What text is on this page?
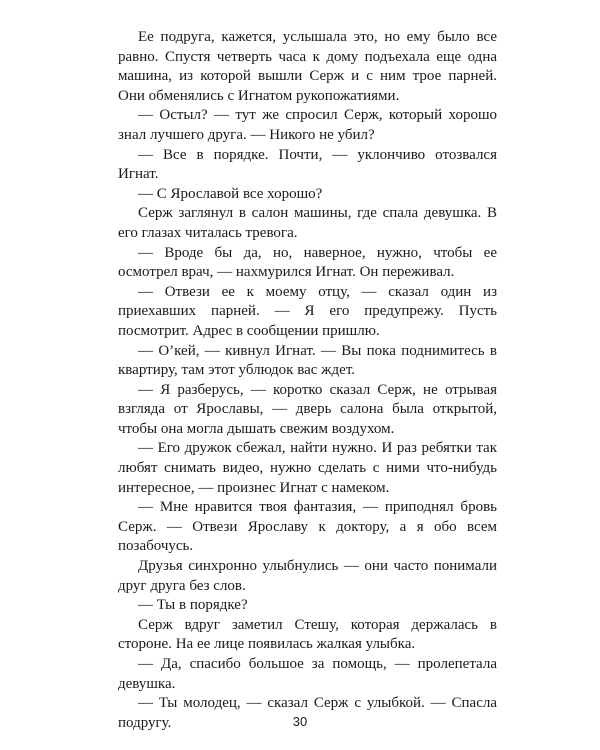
Ее подруга, кажется, услышала это, но ему было все равно. Спустя четверть часа к дому подъехала еще одна машина, из которой вышли Серж и с ним трое парней. Они обменялись с Игнатом рукопожатиями.

— Остыл? — тут же спросил Серж, который хорошо знал лучшего друга. — Никого не убил?

— Все в порядке. Почти, — уклончиво отозвался Игнат.

— С Ярославой все хорошо?

Серж заглянул в салон машины, где спала девушка. В его глазах читалась тревога.

— Вроде бы да, но, наверное, нужно, чтобы ее осмотрел врач, — нахмурился Игнат. Он переживал.

— Отвези ее к моему отцу, — сказал один из приехавших парней. — Я его предупрежу. Пусть посмотрит. Адрес в сообщении пришлю.

— О’кей, — кивнул Игнат. — Вы пока поднимитесь в квартиру, там этот ублюдок вас ждет.

— Я разберусь, — коротко сказал Серж, не отрывая взгляда от Ярославы, — дверь салона была открытой, чтобы она могла дышать свежим воздухом.

— Его дружок сбежал, найти нужно. И раз ребятки так любят снимать видео, нужно сделать с ними что-нибудь интересное, — произнес Игнат с намеком.

— Мне нравится твоя фантазия, — приподнял бровь Серж. — Отвези Ярославу к доктору, а я обо всем позабочусь.

Друзья синхронно улыбнулись — они часто понимали друг друга без слов.

— Ты в порядке?

Серж вдруг заметил Стешу, которая держалась в стороне. На ее лице появилась жалкая улыбка.

— Да, спасибо большое за помощь, — пролепетала девушка.

— Ты молодец, — сказал Серж с улыбкой. — Спасла подругу.	30
